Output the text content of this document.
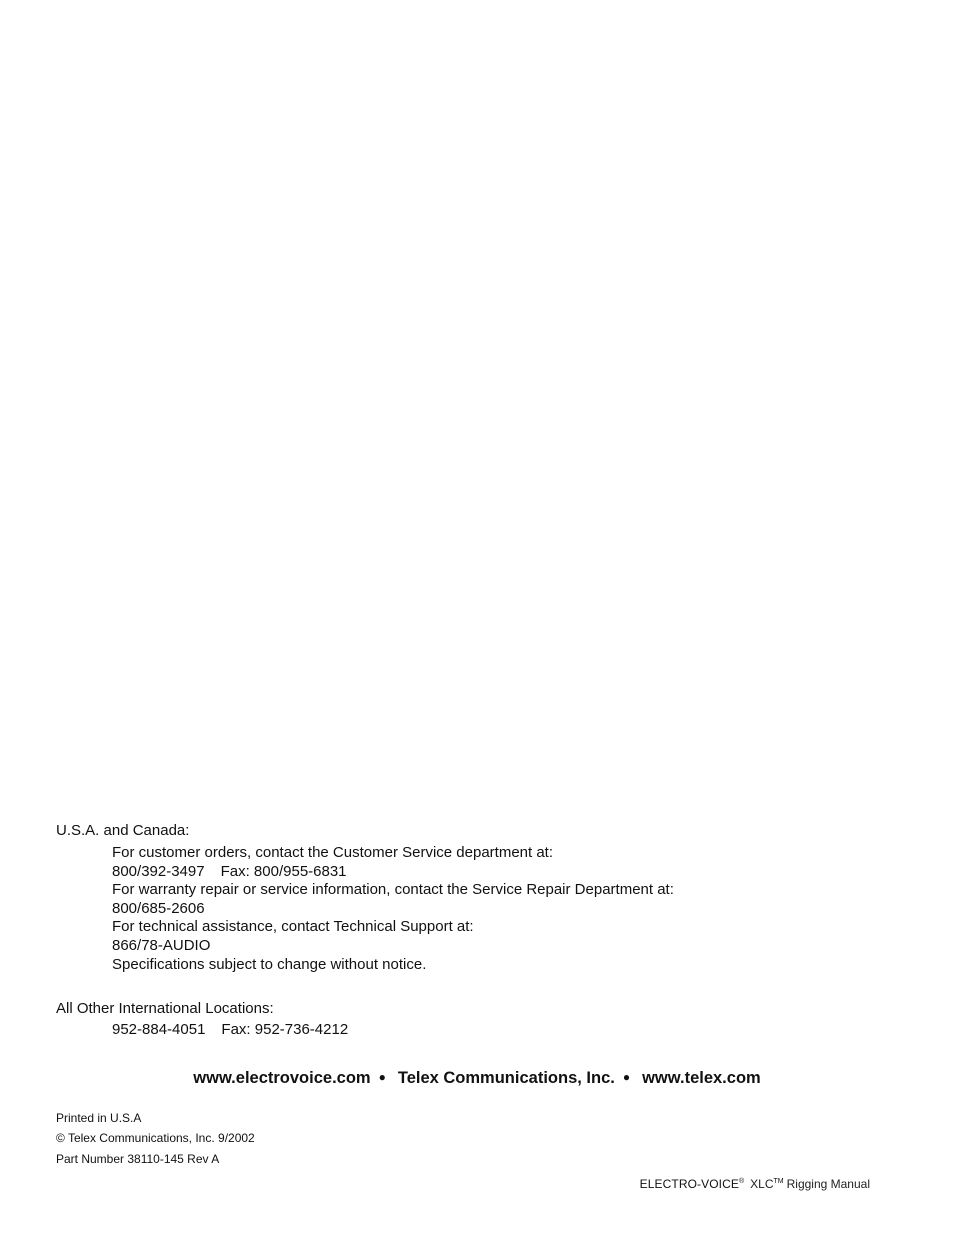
U.S.A. and Canada:
For customer orders, contact the Customer Service department at:
800/392-3497 Fax: 800/955-6831
For warranty repair or service information, contact the Service Repair Department at:
800/685-2606
For technical assistance, contact Technical Support at:
866/78-AUDIO
Specifications subject to change without notice.
All Other International Locations:
952-884-4051 Fax: 952-736-4212
www.electrovoice.com ● Telex Communications, Inc. ● www.telex.com
Printed in U.S.A
© Telex Communications, Inc. 9/2002
Part Number 38110-145 Rev A
ELECTRO-VOICE® XLC™ Rigging Manual
